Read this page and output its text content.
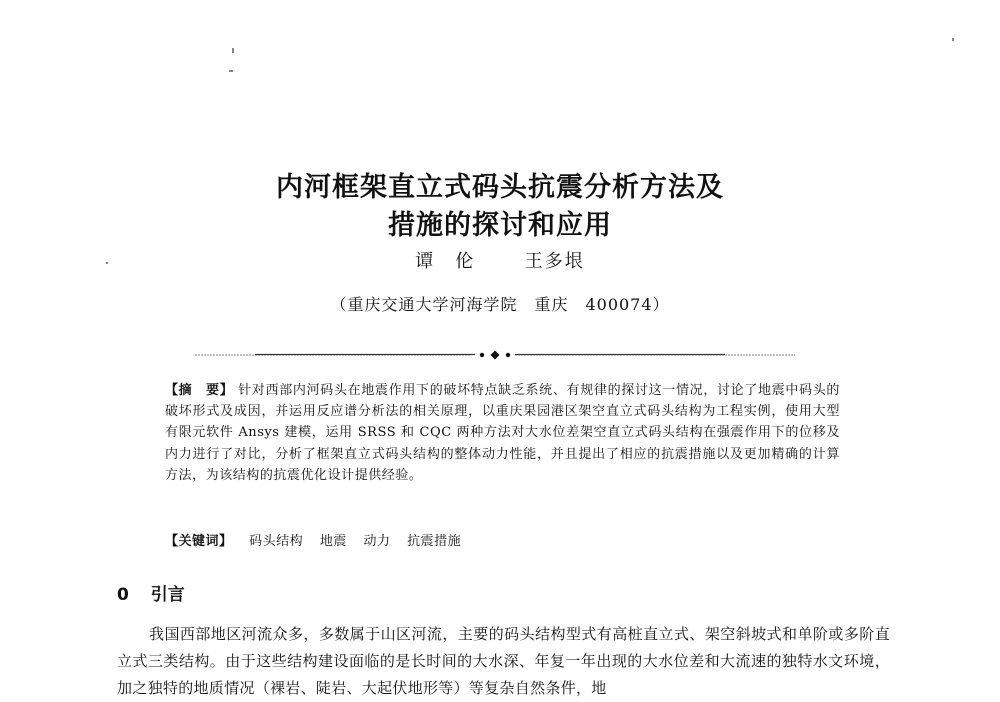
内河框架直立式码头抗震分析方法及
措施的探讨和应用
谭　伦	王多垠
（重庆交通大学河海学院　重庆　400074）
【摘　要】 针对西部内河码头在地震作用下的破坏特点缺乏系统、有规律的探讨这一情况，讨论了地震中码头的破坏形式及成因，并运用反应谱分析法的相关原理，以重庆果园港区架空直立式码头结构为工程实例，使用大型有限元软件 Ansys 建模，运用 SRSS 和 CQC 两种方法对大水位差架空直立式码头结构在强震作用下的位移及内力进行了对比，分析了框架直立式码头结构的整体动力性能，并且提出了相应的抗震措施以及更加精确的计算方法，为该结构的抗震优化设计提供经验。
【关键词】 码头结构 地震 动力 抗震措施
0 引言

我国西部地区河流众多，多数属于山区河流，主要的码头结构型式有高桩直立式、架空斜坡式和单阶或多阶直立式三类结构。由于这些结构建设面临的是长时间的大水深、年复一年出现的大水位差和大流速的独特水文环境，加之独特的地质情况（裸岩、陡岩、大起伏地形等）等复杂自然条件，地
